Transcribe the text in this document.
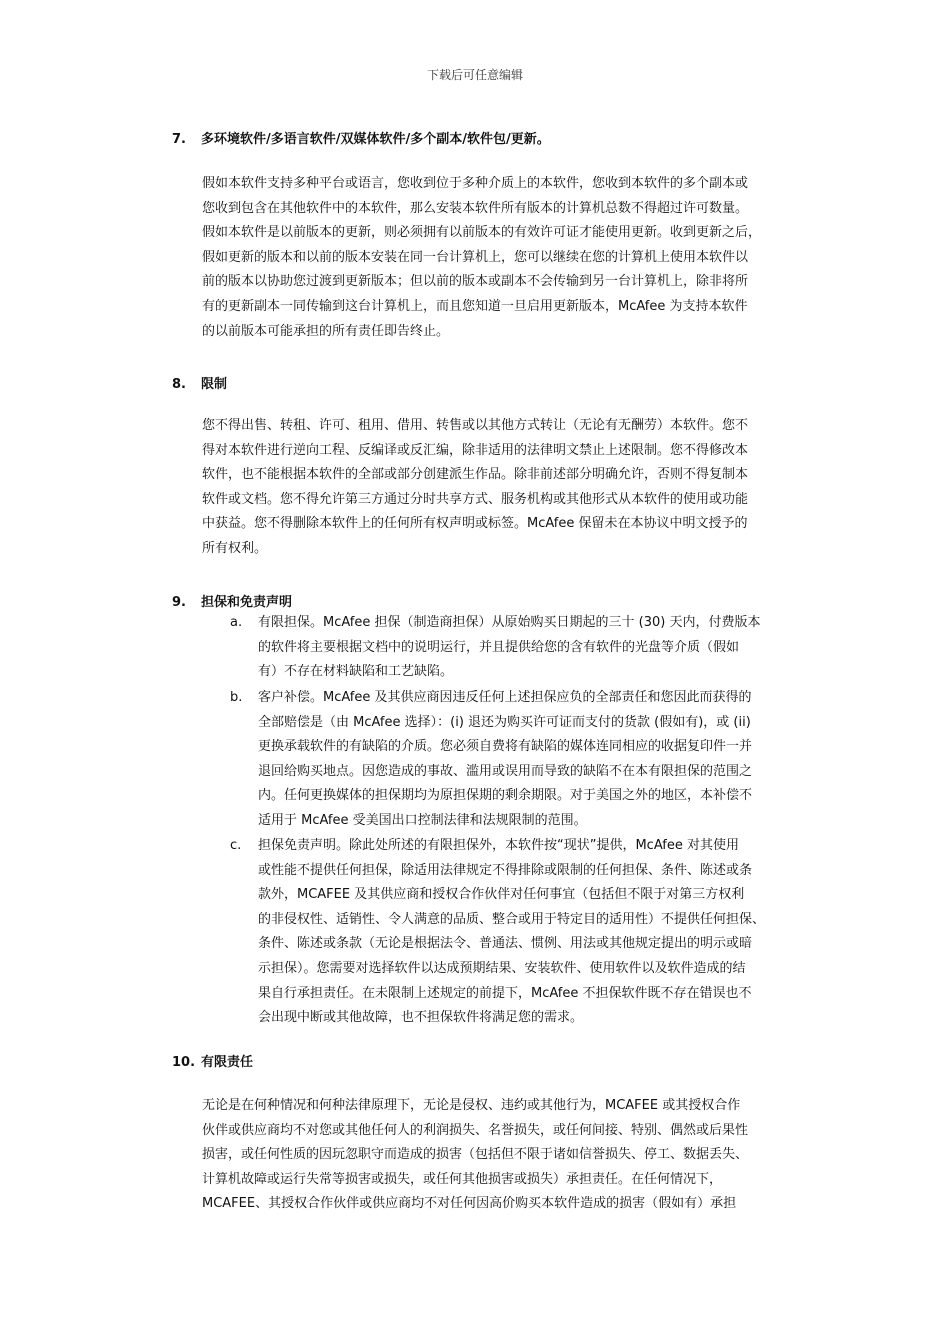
下载后可任意编辑
7. 多环境软件/多语言软件/双媒体软件/多个副本/软件包/更新。
假如本软件支持多种平台或语言，您收到位于多种介质上的本软件，您收到本软件的多个副本或
您收到包含在其他软件中的本软件，那么安装本软件所有版本的计算机总数不得超过许可数量。
假如本软件是以前版本的更新，则必须拥有以前版本的有效许可证才能使用更新。收到更新之后，
假如更新的版本和以前的版本安装在同一台计算机上，您可以继续在您的计算机上使用本软件以
前的版本以协助您过渡到更新版本；但以前的版本或副本不会传输到另一台计算机上，除非将所
有的更新副本一同传输到这台计算机上，而且您知道一旦启用更新版本，McAfee 为支持本软件
的以前版本可能承担的所有责任即告终止。
8. 限制
您不得出售、转租、许可、租用、借用、转售或以其他方式转让（无论有无酬劳）本软件。您不
得对本软件进行逆向工程、反编译或反汇编，除非适用的法律明文禁止上述限制。您不得修改本
软件，也不能根据本软件的全部或部分创建派生作品。除非前述部分明确允许，否则不得复制本
软件或文档。您不得允许第三方通过分时共享方式、服务机构或其他形式从本软件的使用或功能
中获益。您不得删除本软件上的任何所有权声明或标签。McAfee 保留未在本协议中明文授予的
所有权利。
9. 担保和免责声明
a.	有限担保。McAfee 担保（制造商担保）从原始购买日期起的三十 (30) 天内，付费版本
的软件将主要根据文档中的说明运行，并且提供给您的含有软件的光盘等介质（假如
有）不存在材料缺陷和工艺缺陷。
b.	客户补偿。McAfee 及其供应商因违反任何上述担保应负的全部责任和您因此而获得的
全部赔偿是（由 McAfee 选择）：(i) 退还为购买许可证而支付的货款 (假如有)，或 (ii)
更换承载软件的有缺陷的介质。您必须自费将有缺陷的媒体连同相应的收据复印件一并
退回给购买地点。因您造成的事故、滥用或误用而导致的缺陷不在本有限担保的范围之
内。任何更换媒体的担保期均为原担保期的剩余期限。对于美国之外的地区，本补偿不
适用于 McAfee 受美国出口控制法律和法规限制的范围。
c.	担保免责声明。除此处所述的有限担保外，本软件按“现状”提供，McAfee 对其使用
或性能不提供任何担保，除适用法律规定不得排除或限制的任何担保、条件、陈述或条
款外，MCAFEE 及其供应商和授权合作伙伴对任何事宜（包括但不限于对第三方权利
的非侵权性、适销性、令人满意的品质、整合或用于特定目的适用性）不提供任何担保、
条件、陈述或条款（无论是根据法令、普通法、惯例、用法或其他规定提出的明示或暗
示担保）。您需要对选择软件以达成预期结果、安装软件、使用软件以及软件造成的结
果自行承担责任。在未限制上述规定的前提下，McAfee 不担保软件既不存在错误也不
会出现中断或其他故障，也不担保软件将满足您的需求。
10. 有限责任
无论是在何种情况和何种法律原理下，无论是侵权、违约或其他行为，MCAFEE 或其授权合作
伙伴或供应商均不对您或其他任何人的利润损失、名誉损失，或任何间接、特别、偶然或后果性
损害，或任何性质的因玩忽职守而造成的损害（包括但不限于诸如信誉损失、停工、数据丢失、
计算机故障或运行失常等损害或损失，或任何其他损害或损失）承担责任。在任何情况下，
MCAFEE、其授权合作伙伴或供应商均不对任何因高价购买本软件造成的损害（假如有）承担
